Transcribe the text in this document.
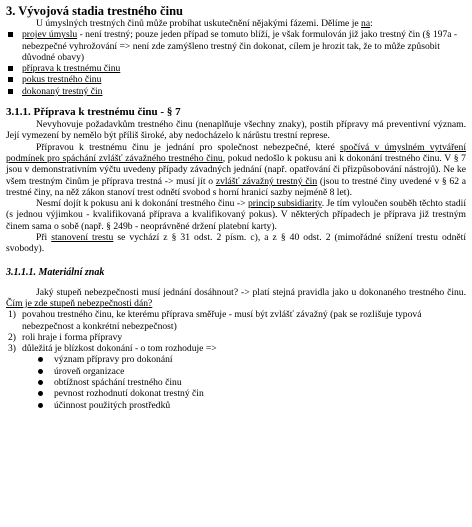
3. Vývojová stadia trestného činu

U úmyslných trestných činů může probíhat uskutečnění nějakými fázemi. Dělíme je na:

projev úmyslu - není trestný; pouze jeden případ se tomuto blíží, je však formulován již jako trestný čin (§ 197a - nebezpečné vyhrožování => není zde zamýšleno trestný čin dokonat, cílem je hrozit tak, že to může způsobit důvodné obavy)
příprava k trestnému činu
pokus trestného činu
dokonaný trestný čin
3.1.1. Příprava k trestnému činu - § 7

Nevyhovuje požadavkům trestného činu (nenaplňuje všechny znaky), postih přípravy má preventivní význam. Její vymezení by nemělo být příliš široké, aby nedocházelo k nárůstu trestní represe.

Přípravou k trestnému činu je jednání pro společnost nebezpečné, které spočívá v úmyslném vytváření podmínek pro spáchání zvlášť závažného trestného činu, pokud nedošlo k pokusu ani k dokonání trestného činu. V § 7 jsou v demonstrativním výčtu uvedeny případy závadných jednání (např. opatřování či přizpůsobování nástrojů). Ne ke všem trestným činům je příprava trestná -> musí jít o zvlášť závažný trestný čin (jsou to trestné činy uvedené v § 62 a trestné činy, na něž zákon stanoví trest odnětí svobod s horní hranicí sazby nejméně 8 let).

Nesmí dojít k pokusu ani k dokonání trestného činu -> princip subsidiarity. Je tím vyloučen souběh těchto stadií (s jednou výjimkou - kvalifikovaná příprava a kvalifikovaný pokus). V některých případech je příprava již trestným činem sama o sobě (např. § 249b - neoprávněné držení platební karty).

Při stanovení trestu se vychází z § 31 odst. 2 písm. c), a z § 40 odst. 2 (mimořádné snížení trestu odnětí svobody).

3.1.1.1. Materiální znak

Jaký stupeň nebezpečnosti musí jednání dosáhnout? -> platí stejná pravidla jako u dokonaného trestného činu. Čím je zde stupeň nebezpečnosti dán?

1) povahou trestného činu, ke kterému příprava směřuje - musí být zvlášť závažný (pak se rozlišuje typová nebezpečnost a konkrétní nebezpečnost)
2) roli hraje i forma přípravy
3) důležitá je blízkost dokonání - o tom rozhoduje =>
význam přípravy pro dokonání
úroveň organizace
obtížnost spáchání trestného činu
pevnost rozhodnutí dokonat trestný čin
účinnost použitých prostředků
